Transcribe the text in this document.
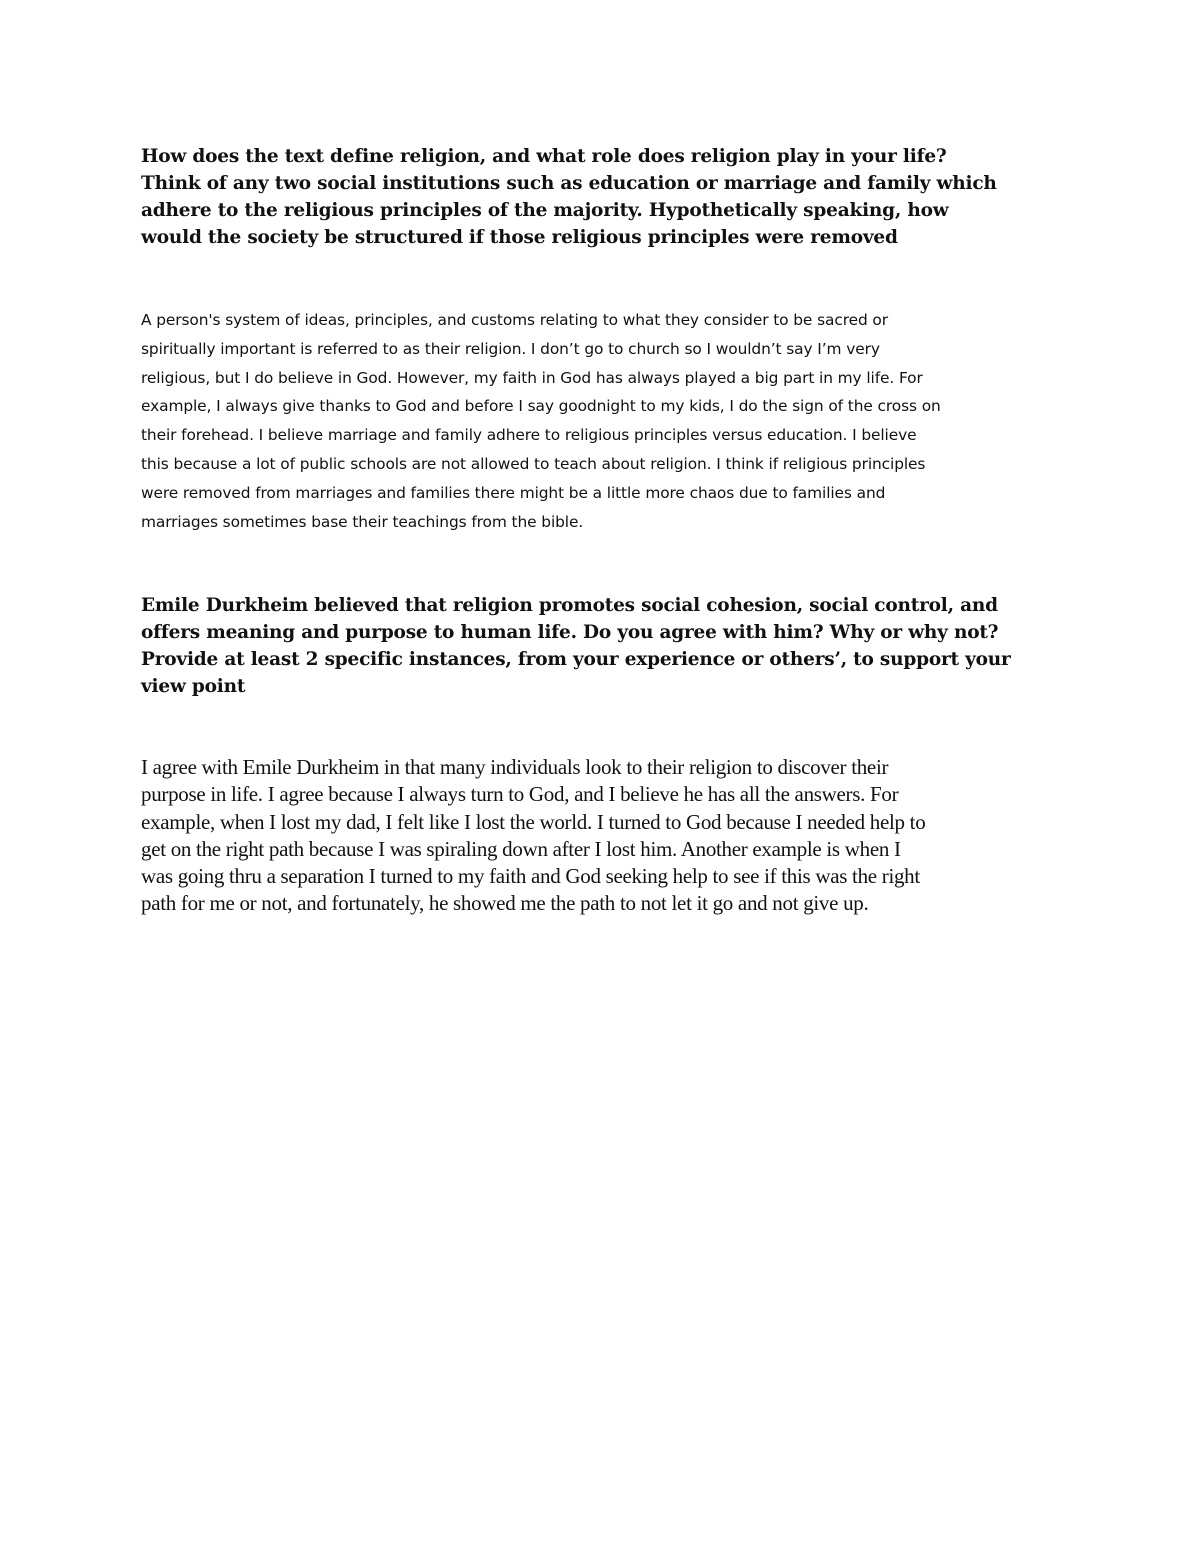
How does the text define religion, and what role does religion play in your life?
Think of any two social institutions such as education or marriage and family which
adhere to the religious principles of the majority. Hypothetically speaking, how
would the society be structured if those religious principles were removed
A person's system of ideas, principles, and customs relating to what they consider to be sacred or
spiritually important is referred to as their religion. I don’t go to church so I wouldn’t say I’m very
religious, but I do believe in God. However, my faith in God has always played a big part in my life. For
example, I always give thanks to God and before I say goodnight to my kids, I do the sign of the cross on
their forehead. I believe marriage and family adhere to religious principles versus education. I believe
this because a lot of public schools are not allowed to teach about religion. I think if religious principles
were removed from marriages and families there might be a little more chaos due to families and
marriages sometimes base their teachings from the bible.
Emile Durkheim believed that religion promotes social cohesion, social control, and
offers meaning and purpose to human life. Do you agree with him? Why or why not?
Provide at least 2 specific instances, from your experience or others’, to support your
view point
I agree with Emile Durkheim in that many individuals look to their religion to discover their
purpose in life. I agree because I always turn to God, and I believe he has all the answers. For
example, when I lost my dad, I felt like I lost the world. I turned to God because I needed help to
get on the right path because I was spiraling down after I lost him. Another example is when I
was going thru a separation I turned to my faith and God seeking help to see if this was the right
path for me or not, and fortunately, he showed me the path to not let it go and not give up.
